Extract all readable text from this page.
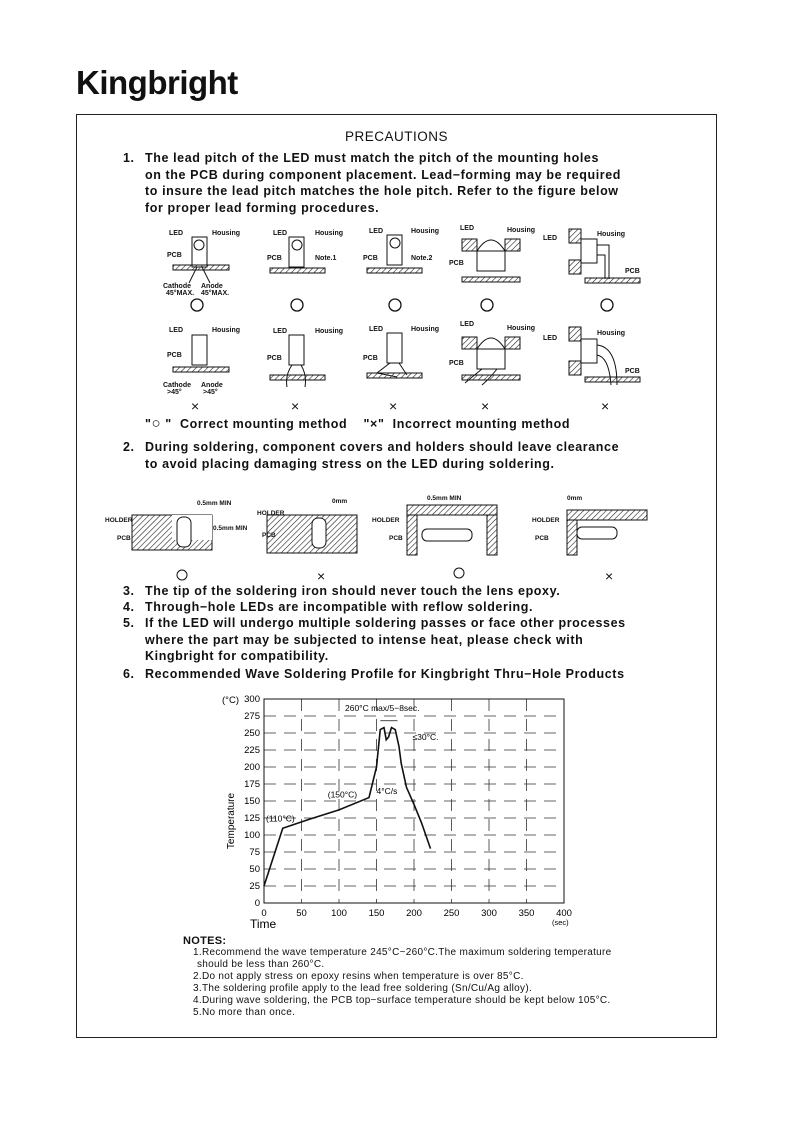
Kingbright
PRECAUTIONS
1. The lead pitch of the LED must match the pitch of the mounting holes
on the PCB during component placement. Lead−forming may be required
to insure the lead pitch matches the hole pitch. Refer to the figure below
for proper lead forming procedures.
LED	Housing
PCB
Cathode Anode
45°MAX. 45°MAX.
LED	Housing
PCB	Note.1
LED	Housing
PCB	Note.2
LED	Housing
PCB
LED
Housing
PCB
LED	Housing
PCB
Cathode Anode
>45°	>45°
×
LED	Housing
PCB
×
LED	Housing
PCB
×
LED
Housing
PCB
×
LED
Housing
PCB
×
"○ "  Correct mounting method    "×"  Incorrect mounting method
2. During soldering, component covers and holders should leave clearance
to avoid placing damaging stress on the LED during soldering.
HOLDER
PCB
0.5mm MIN
0.5mm MIN
HOLDER
PCB
0mm
×
HOLDER
PCB
0.5mm MIN
HOLDER
PCB
0mm
×
3. The tip of the soldering iron should never touch the lens epoxy.
4. Through−hole LEDs are incompatible with reflow soldering.
5. If the LED will undergo multiple soldering passes or face other processes
where the part may be subjected to intense heat, please check with
Kingbright for compatibility.
6. Recommended Wave Soldering Profile for Kingbright Thru−Hole Products
0
25
50
75
100
125
150
175
200
225
250
275
300
0	50	100 150 200 250 300 350 400
(°C)
(sec)
Time
Temperature
260°C max/5−8sec.
≤30°C.
4°C/s
(150°C)
(110°C)
NOTES:
1.Recommend the wave temperature 245°C~260°C.The maximum soldering temperature
should be less than 260°C.
2.Do not apply stress on epoxy resins when temperature is over 85°C.
3.The soldering profile apply to the lead free soldering (Sn/Cu/Ag alloy).
4.During wave soldering, the PCB top−surface temperature should be kept below 105°C.
5.No more than once.
